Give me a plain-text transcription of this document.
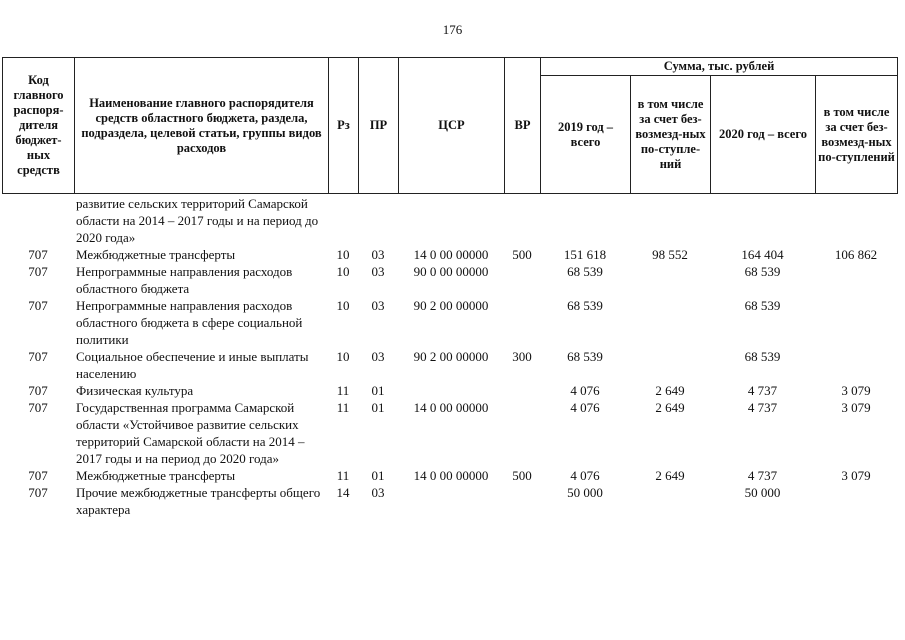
176
Код главного распоря-дителя бюджет-ных средств	Наименование главного распорядителя средств областного бюджета, раздела, подраздела, целевой статьи, группы видов расходов	Рз	ПР	ЦСР	ВР	Сумма, тыс. рублей			
						2019 год – всего	в том числе за счет без-возмезд-ных по-ступле-ний	2020 год – всего	в том числе за счет без-возмезд-ных по-ступлений
	развитие сельских территорий Самарской области на 2014 – 2017 годы и на период до 2020 года»								
707	Межбюджетные трансферты	10	03	14 0 00 00000	500	151 618	98 552	164 404	106 862
707	Непрограммные направления расходов областного бюджета	10	03	90 0 00 00000		68 539		68 539	
707	Непрограммные направления расходов областного бюджета в сфере социальной политики	10	03	90 2 00 00000		68 539		68 539	
707	Социальное обеспечение и иные выплаты населению	10	03	90 2 00 00000	300	68 539		68 539	
707	Физическая культура	11	01			4 076	2 649	4 737	3 079
707	Государственная программа Самарской области «Устойчивое развитие сельских территорий Самарской области на 2014 – 2017 годы и на период до 2020 года»	11	01	14 0 00 00000		4 076	2 649	4 737	3 079
707	Межбюджетные трансферты	11	01	14 0 00 00000	500	4 076	2 649	4 737	3 079
707	Прочие межбюджетные трансферты общего характера	14	03			50 000		50 000	
